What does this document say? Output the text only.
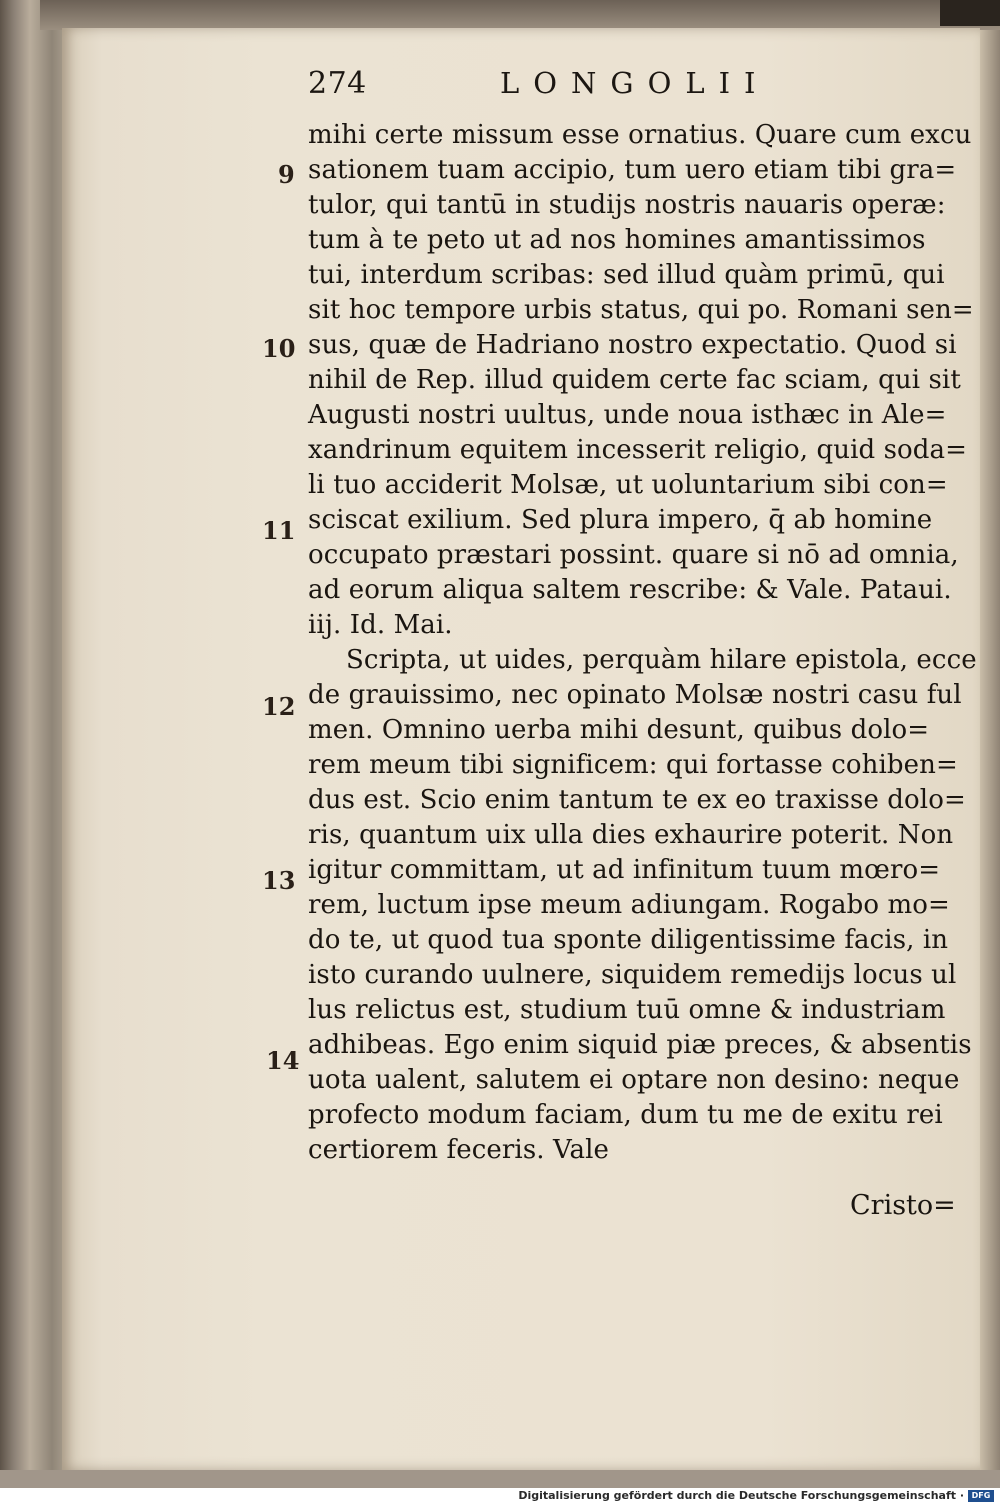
274	LONGOLII
mihi certe missum esse ornatius. Quare cum excu
sationem tuam accipio, tum uero etiam tibi gra=
tulor, qui tantū in studijs nostris nauaris operæ:
tum à te peto ut ad nos homines amantissimos
tui, interdum scribas: sed illud quàm primū, qui
sit hoc tempore urbis status, qui po. Romani sen=
sus, quæ de Hadriano nostro expectatio. Quod si
nihil de Rep. illud quidem certe fac sciam, qui sit
Augusti nostri uultus, unde noua isthæc in Ale=
xandrinum equitem incesserit religio, quid soda=
li tuo acciderit Molsæ, ut uoluntarium sibi con=
sciscat exilium. Sed plura impero, q̄ ab homine
occupato præstari possint. quare si nō ad omnia,
ad eorum aliqua saltem rescribe: & Vale. Pataui.
iij. Id. Mai.
Scripta, ut uides, perquàm hilare epistola, ecce
de grauissimo, nec opinato Molsæ nostri casu ful
men. Omnino uerba mihi desunt, quibus dolo=
rem meum tibi significem: qui fortasse cohiben=
dus est. Scio enim tantum te ex eo traxisse dolo=
ris, quantum uix ulla dies exhaurire poterit. Non
igitur committam, ut ad infinitum tuum mœro=
rem, luctum ipse meum adiungam. Rogabo mo=
do te, ut quod tua sponte diligentissime facis, in
isto curando uulnere, siquidem remedijs locus ul
lus relictus est, studium tuū omne & industriam
adhibeas. Ego enim siquid piæ preces, & absentis
uota ualent, salutem ei optare non desino: neque
profecto modum faciam, dum tu me de exitu rei
certiorem feceris. Vale
9
10
11
12
13
14
Cristo=
Digitalisierung gefördert durch die Deutsche Forschungsgemeinschaft · DFG
